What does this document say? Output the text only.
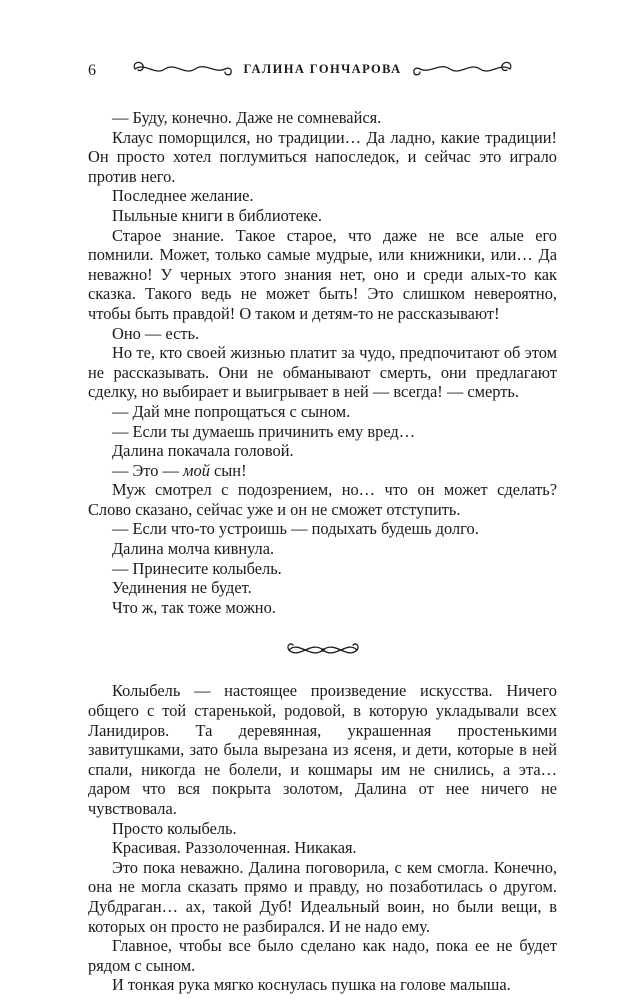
6	ГАЛИНА ГОНЧАРОВА

— Буду, конечно. Даже не сомневайся.

Клаус поморщился, но традиции… Да ладно, какие традиции! Он просто хотел поглумиться напоследок, и сейчас это играло против него.

Последнее желание.

Пыльные книги в библиотеке.

Старое знание. Такое старое, что даже не все алые его помнили. Может, только самые мудрые, или книжники, или… Да неважно! У черных этого знания нет, оно и среди алых-то как сказка. Такого ведь не может быть! Это слишком невероятно, чтобы быть правдой! О таком и детям-то не рассказывают!

Оно — есть.

Но те, кто своей жизнью платит за чудо, предпочитают об этом не рассказывать. Они не обманывают смерть, они предлагают сделку, но выбирает и выигрывает в ней — всегда! — смерть.

— Дай мне попрощаться с сыном.

— Если ты думаешь причинить ему вред…

Далина покачала головой.

— Это — мой сын!

Муж смотрел с подозрением, но… что он может сделать? Слово сказано, сейчас уже и он не сможет отступить.

— Если что-то устроишь — подыхать будешь долго.

Далина молча кивнула.

— Принесите колыбель.

Уединения не будет.

Что ж, так тоже можно.

Колыбель — настоящее произведение искусства. Ничего общего с той старенькой, родовой, в которую укладывали всех Ланидиров. Та деревянная, украшенная простенькими завитушками, зато была вырезана из ясеня, и дети, которые в ней спали, никогда не болели, и кошмары им не снились, а эта… даром что вся покрыта золотом, Далина от нее ничего не чувствовала.

Просто колыбель.

Красивая. Раззолоченная. Никакая.

Это пока неважно. Далина поговорила, с кем смогла. Конечно, она не могла сказать прямо и правду, но позаботилась о другом. Дубдраган… ах, такой Дуб! Идеальный воин, но были вещи, в которых он просто не разбирался. И не надо ему.

Главное, чтобы все было сделано как надо, пока ее не будет рядом с сыном.

И тонкая рука мягко коснулась пушка на голове малыша.
